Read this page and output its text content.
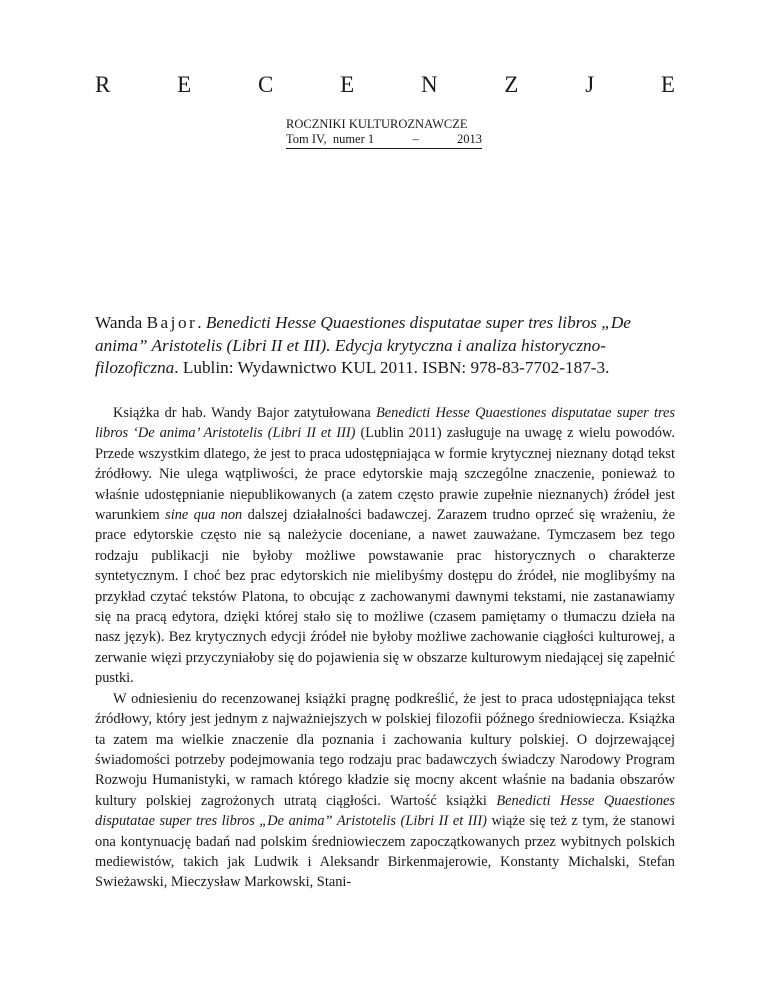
R	E	C	E	N	Z	J	E
ROCZNIKI KULTUROZNAWCZE
Tom IV,  numer 1	–	2013
Wanda Bajor. Benedicti Hesse Quaestiones disputatae super tres libros „De anima” Aristotelis (Libri II et III). Edycja krytyczna i analiza historyczno-filozoficzna. Lublin: Wydawnictwo KUL 2011. ISBN: 978-83-7702-187-3.

Książka dr hab. Wandy Bajor zatytułowana Benedicti Hesse Quaestiones disputatae super tres libros ‘De anima’ Aristotelis (Libri II et III) (Lublin 2011) zasługuje na uwagę z wielu powodów. Przede wszystkim dlatego, że jest to praca udostępniająca w formie krytycznej nieznany dotąd tekst źródłowy. Nie ulega wątpliwości, że prace edytorskie mają szczególne znaczenie, ponieważ to właśnie udostępnianie niepublikowanych (a zatem często prawie zupełnie nieznanych) źródeł jest warunkiem sine qua non dalszej działalności badawczej. Zarazem trudno oprzeć się wrażeniu, że prace edytorskie często nie są należycie doceniane, a nawet zauważane. Tymczasem bez tego rodzaju publikacji nie byłoby możliwe powstawanie prac historycznych o charakterze syntetycznym. I choć bez prac edytorskich nie mielibyśmy dostępu do źródeł, nie moglibyśmy na przykład czytać tekstów Platona, to obcując z zachowanymi dawnymi tekstami, nie zastanawiamy się na pracą edytora, dzięki której stało się to możliwe (czasem pamiętamy o tłumaczu dzieła na nasz język). Bez krytycznych edycji źródeł nie byłoby możliwe zachowanie ciągłości kulturowej, a zerwanie więzi przyczyniałoby się do pojawienia się w obszarze kulturowym niedającej się zapełnić pustki.

W odniesieniu do recenzowanej książki pragnę podkreślić, że jest to praca udostępniająca tekst źródłowy, który jest jednym z najważniejszych w polskiej filozofii późnego średniowiecza. Książka ta zatem ma wielkie znaczenie dla poznania i zachowania kultury polskiej. O dojrzewającej świadomości potrzeby podejmowania tego rodzaju prac badawczych świadczy Narodowy Program Rozwoju Humanistyki, w ramach którego kładzie się mocny akcent właśnie na badania obszarów kultury polskiej zagrożonych utratą ciągłości. Wartość książki Benedicti Hesse Quaestiones disputatae super tres libros „De anima” Aristotelis (Libri II et III) wiąże się też z tym, że stanowi ona kontynuację badań nad polskim średniowieczem zapoczątkowanych przez wybitnych polskich mediewistów, takich jak Ludwik i Aleksandr Birkenmajerowie, Konstanty Michalski, Stefan Swieżawski, Mieczysław Markowski, Stani-
